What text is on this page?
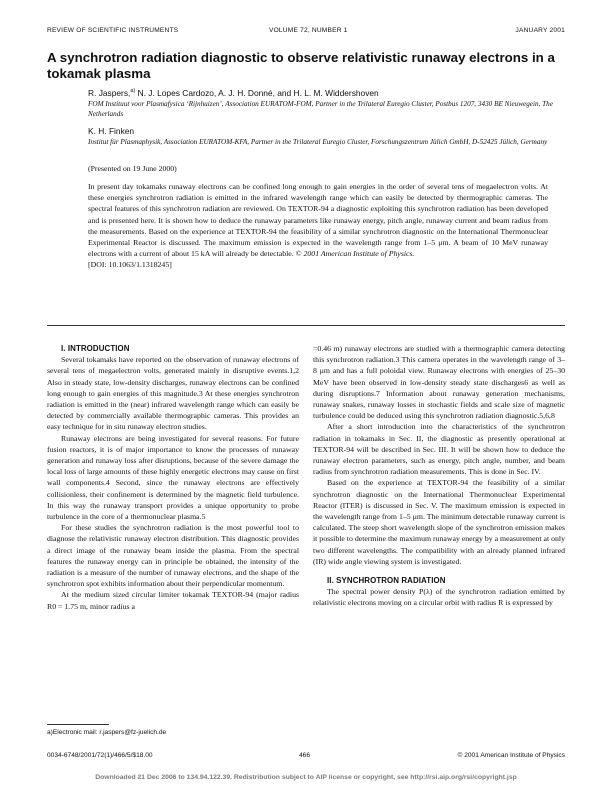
REVIEW OF SCIENTIFIC INSTRUMENTS	VOLUME 72, NUMBER 1	JANUARY 2001
A synchrotron radiation diagnostic to observe relativistic runaway electrons in a tokamak plasma
R. Jaspers,$^{a)}$ N. J. Lopes Cardozo, A. J. H. Donné, and H. L. M. Widdershoven
FOM Instituut voor Plasmafysica ‘Rijnhuizen’, Association EURATOM-FOM, Partner in the Trilateral Euregio Cluster, Postbus 1207, 3430 BE Nieuwegein, The Netherlands
K. H. Finken
Institut für Plasmaphysik, Association EURATOM-KFA, Partner in the Trilateral Euregio Cluster, Forschungszentrum Jülich GmbH, D-52425 Jülich, Germany
(Presented on 19 June 2000)

In present day tokamaks runaway electrons can be confined long enough to gain energies in the order of several tens of megaelectron volts. At these energies synchrotron radiation is emitted in the infrared wavelength range which can easily be detected by thermographic cameras. The spectral features of this synchrotron radiation are reviewed. On TEXTOR-94 a diagnostic exploiting this synchrotron radiation has been developed and is presented here. It is shown how to deduce the runaway parameters like runaway energy, pitch angle, runaway current and beam radius from the measurements. Based on the experience at TEXTOR-94 the feasibility of a similar synchrotron diagnostic on the International Thermonuclear Experimental Reactor is discussed. The maximum emission is expected in the wavelength range from 1–5 μm. A beam of 10 MeV runaway electrons with a current of about 15 kA will already be detectable. © 2001 American Institute of Physics.
[DOI: 10.1063/1.1318245]

I. INTRODUCTION

Several tokamaks have reported on the observation of runaway electrons of several tens of megaelectron volts, generated mainly in disruptive events.1,2 Also in steady state, low-density discharges, runaway electrons can be confined long enough to gain energies of this magnitude.3 At these energies synchrotron radiation is emitted in the (near) infrared wavelength range which can easily be detected by commercially available thermographic cameras. This provides an easy technique for in situ runaway electron studies.

Runaway electrons are being investigated for several reasons. For future fusion reactors, it is of major importance to know the processes of runaway generation and runaway loss after disruptions, because of the severe damage the local loss of large amounts of these highly energetic electrons may cause on first wall components.4 Second, since the runaway electrons are effectively collisionless, their confinement is determined by the magnetic field turbulence. In this way the runaway transport provides a unique opportunity to probe turbulence in the core of a thermonuclear plasma.5

For these studies the synchrotron radiation is the most powerful tool to diagnose the relativistic runaway electron distribution. This diagnostic provides a direct image of the runaway beam inside the plasma. From the spectral features the runaway energy can in principle be obtained, the intensity of the radiation is a measure of the number of runaway electrons, and the shape of the synchrotron spot exhibits information about their perpendicular momentum.

At the medium sized circular limiter tokamak TEXTOR-94 (major radius R0 = 1.75 m, minor radius a

=0.46 m) runaway electrons are studied with a thermographic camera detecting this synchrotron radiation.3 This camera operates in the wavelength range of 3–8 μm and has a full poloidal view. Runaway electrons with energies of 25–30 MeV have been observed in low-density steady state discharges6 as well as during disruptions.7 Information about runaway generation mechanisms, runaway snakes, runaway losses in stochastic fields and scale size of magnetic turbulence could be deduced using this synchrotron radiation diagnostic.5,6,8

After a short introduction into the characteristics of the synchrotron radiation in tokamaks in Sec. II, the diagnostic as presently operational at TEXTOR-94 will be described in Sec. III. It will be shown how to deduce the runaway electron parameters, such as energy, pitch angle, number, and beam radius from synchrotron radiation measurements. This is done in Sec. IV.

Based on the experience at TEXTOR-94 the feasibility of a similar synchrotron diagnostic on the International Thermonuclear Experimental Reactor (ITER) is discussed in Sec. V. The maximum emission is expected in the wavelength range from 1–5 μm. The minimum detectable runaway current is calculated. The steep short wavelength slope of the synchrotron emission makes it possible to determine the maximum runaway energy by a measurement at only two different wavelengths. The compatibility with an already planned infrared (IR) wide angle viewing system is investigated.

II. SYNCHROTRON RADIATION

The spectral power density P(λ) of the synchrotron radiation emitted by relativistic electrons moving on a circular orbit with radius R is expressed by

a)Electronic mail: r.jaspers@fz-juelich.de
0034-6748/2001/72(1)/466/5/$18.00	466	© 2001 American Institute of Physics
Downloaded 21 Dec 2006 to 134.94.122.39. Redistribution subject to AIP license or copyright, see http://rsi.aip.org/rsi/copyright.jsp
